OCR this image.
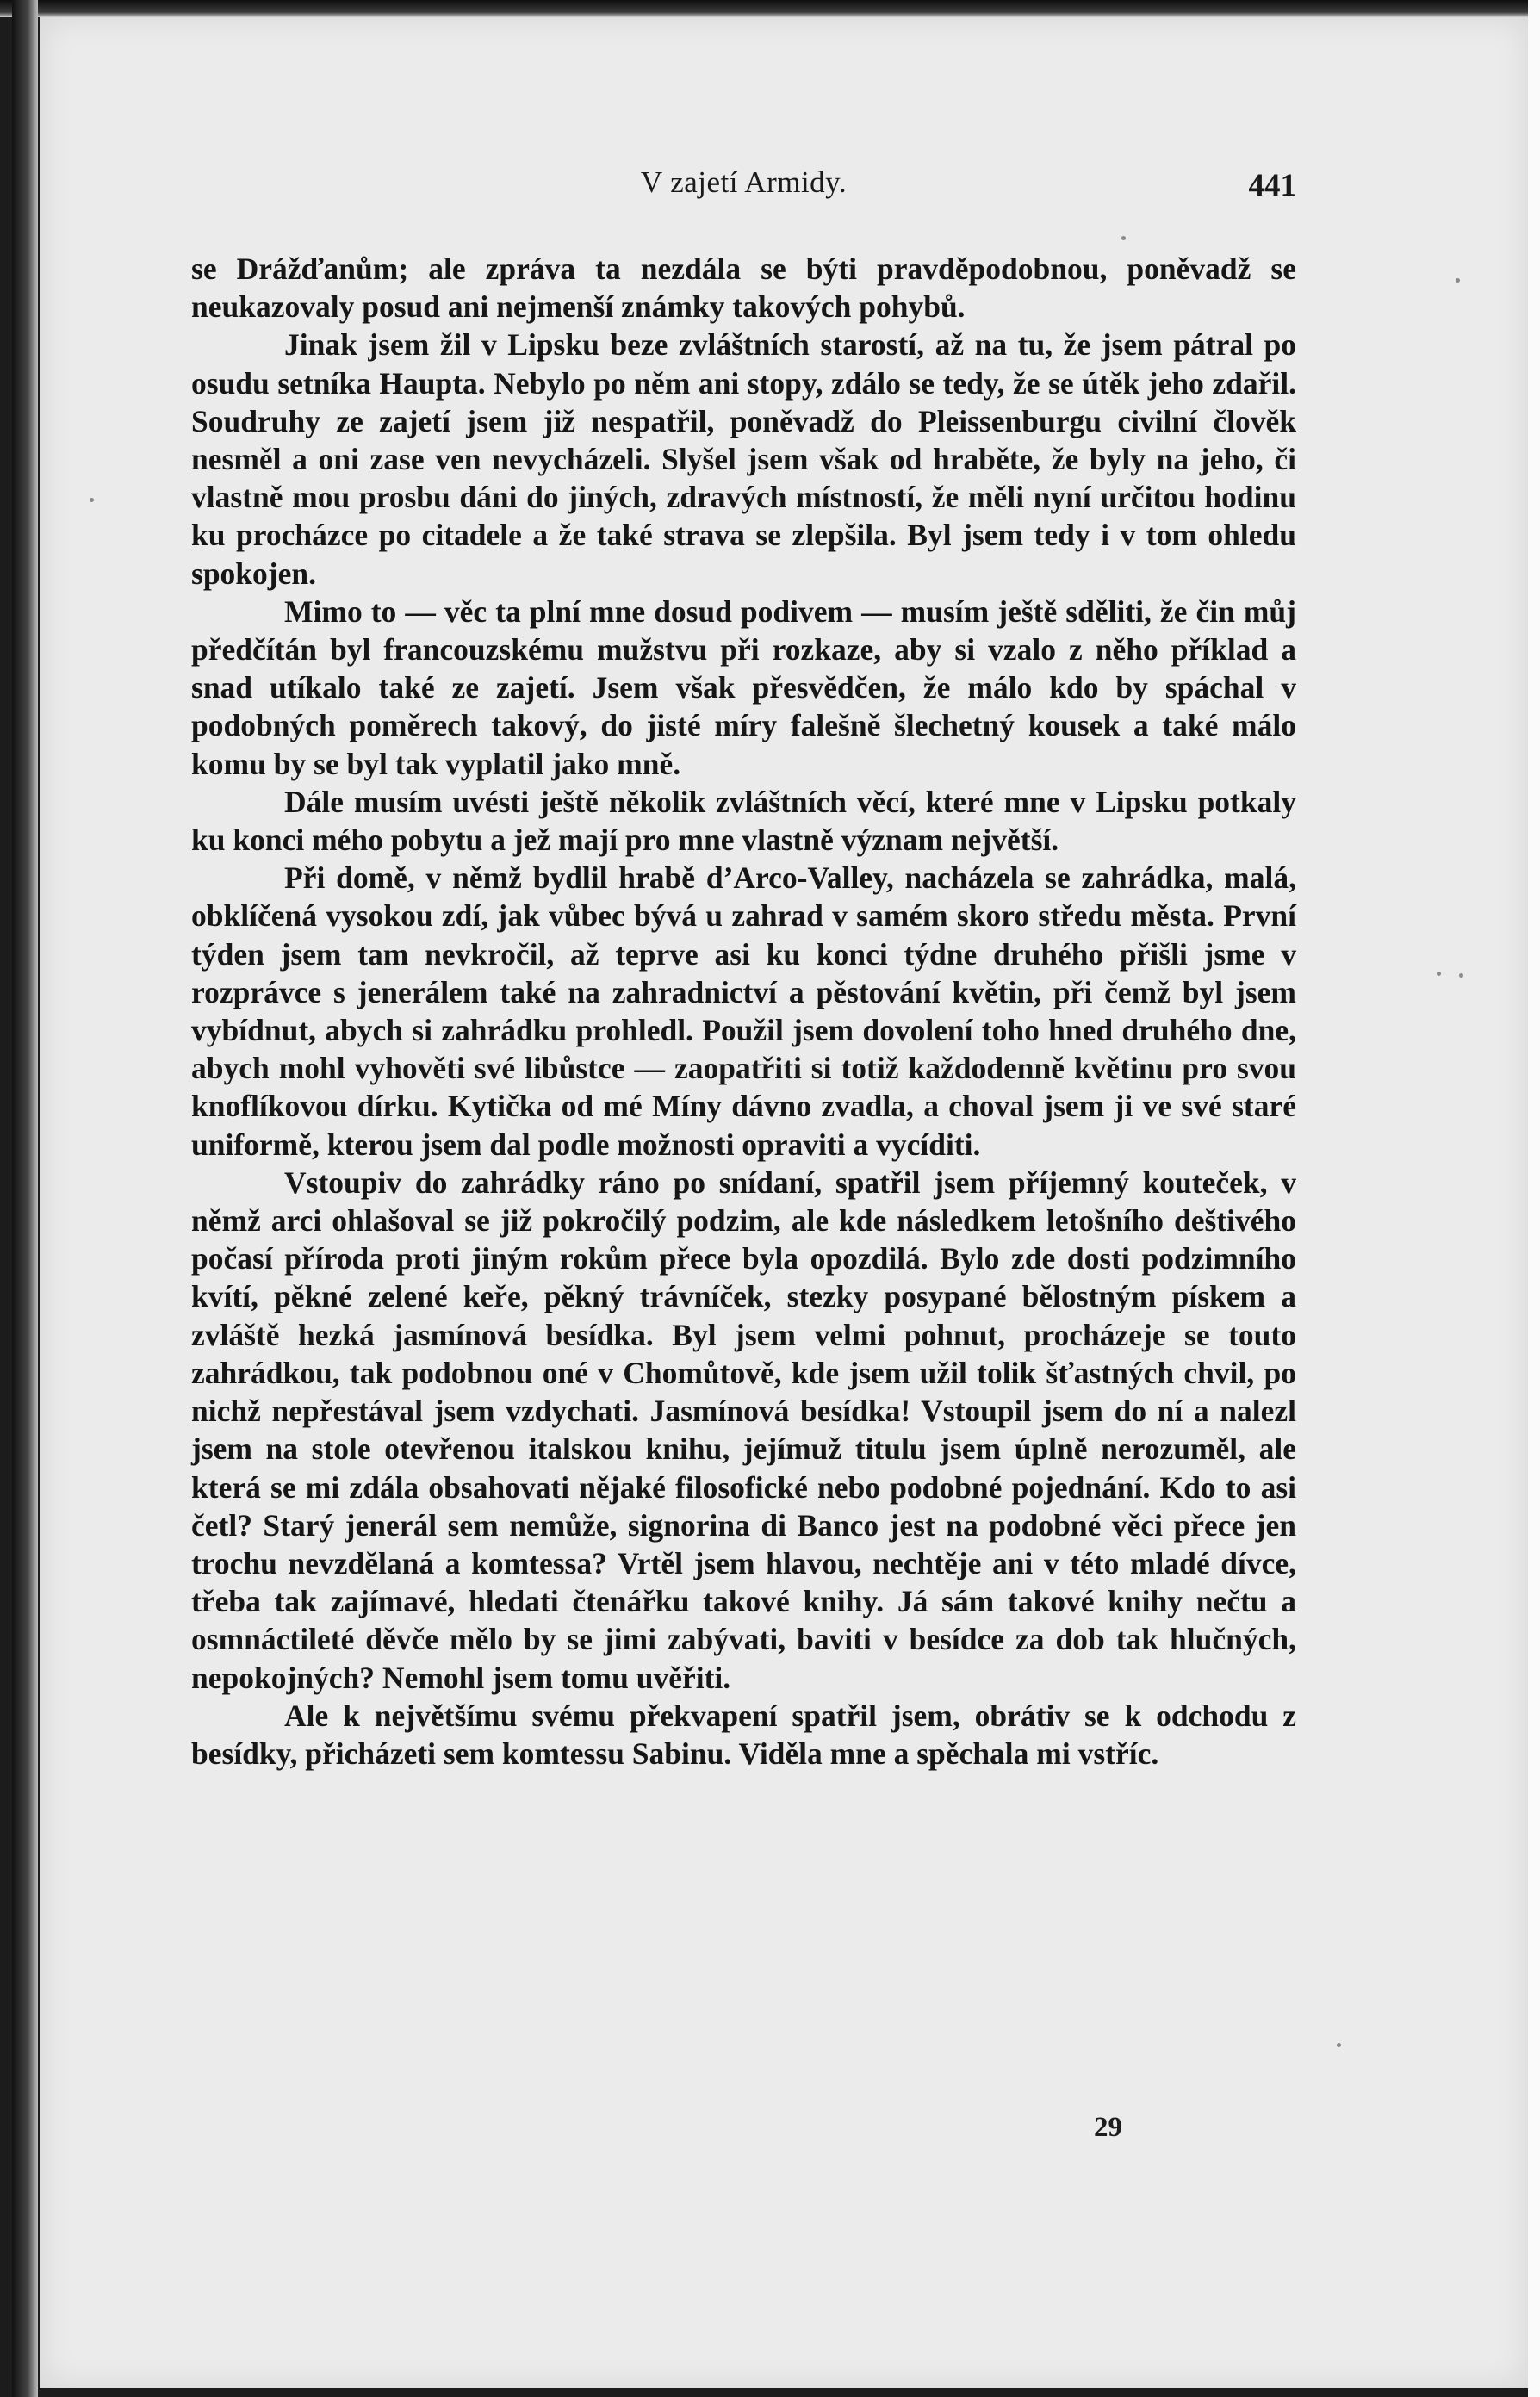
V zajetí Armidy.	441

se Drážďanům; ale zpráva ta nezdála se býti pravděpodobnou, poněvadž se neukazovaly posud ani nejmenší známky takových pohybů.

Jinak jsem žil v Lipsku beze zvláštních starostí, až na tu, že jsem pátral po osudu setníka Haupta. Nebylo po něm ani stopy, zdálo se tedy, že se útěk jeho zdařil. Soudruhy ze zajetí jsem již nespatřil, poněvadž do Pleissenburgu civilní člověk nesměl a oni zase ven nevycházeli. Slyšel jsem však od hraběte, že byly na jeho, či vlastně mou prosbu dáni do jiných, zdravých místností, že měli nyní určitou hodinu ku procházce po citadele a že také strava se zlepšila. Byl jsem tedy i v tom ohledu spokojen.

Mimo to — věc ta plní mne dosud podivem — musím ještě sděliti, že čin můj předčítán byl francouzskému mužstvu při rozkaze, aby si vzalo z něho příklad a snad utíkalo také ze zajetí. Jsem však přesvědčen, že málo kdo by spáchal v podobných poměrech takový, do jisté míry falešně šlechetný kousek a také málo komu by se byl tak vyplatil jako mně.

Dále musím uvésti ještě několik zvláštních věcí, které mne v Lipsku potkaly ku konci mého pobytu a jež mají pro mne vlastně význam největší.

Při domě, v němž bydlil hrabě d’Arco-Valley, nacházela se zahrádka, malá, obklíčená vysokou zdí, jak vůbec bývá u zahrad v samém skoro středu města. První týden jsem tam nevkročil, až teprve asi ku konci týdne druhého přišli jsme v rozprávce s jenerálem také na zahradnictví a pěstování květin, při čemž byl jsem vybídnut, abych si zahrádku prohledl. Použil jsem dovolení toho hned druhého dne, abych mohl vyhověti své libůstce — zaopatřiti si totiž každodenně květinu pro svou knoflíkovou dírku. Kytička od mé Míny dávno zvadla, a choval jsem ji ve své staré uniformě, kterou jsem dal podle možnosti opraviti a vycíditi.

Vstoupiv do zahrádky ráno po snídaní, spatřil jsem příjemný kouteček, v němž arci ohlašoval se již pokročilý podzim, ale kde následkem letošního deštivého počasí příroda proti jiným rokům přece byla opozdilá. Bylo zde dosti podzimního kvítí, pěkné zelené keře, pěkný trávníček, stezky posypané bělostným pískem a zvláště hezká jasmínová besídka. Byl jsem velmi pohnut, procházeje se touto zahrádkou, tak podobnou oné v Chomůtově, kde jsem užil tolik šťastných chvil, po nichž nepřestával jsem vzdychati. Jasmínová besídka! Vstoupil jsem do ní a nalezl jsem na stole otevřenou italskou knihu, jejímuž titulu jsem úplně nerozuměl, ale která se mi zdála obsahovati nějaké filosofické nebo podobné pojednání. Kdo to asi četl? Starý jenerál sem nemůže, signorina di Banco jest na podobné věci přece jen trochu nevzdělaná a komtessa? Vrtěl jsem hlavou, nechtěje ani v této mladé dívce, třeba tak zajímavé, hledati čtenářku takové knihy. Já sám takové knihy nečtu a osmnáctileté děvče mělo by se jimi zabývati, baviti v besídce za dob tak hlučných, nepokojných? Nemohl jsem tomu uvěřiti.

Ale k největšímu svému překvapení spatřil jsem, obrátiv se k odchodu z besídky, přicházeti sem komtessu Sabinu. Viděla mne a spěchala mi vstříc.

29
